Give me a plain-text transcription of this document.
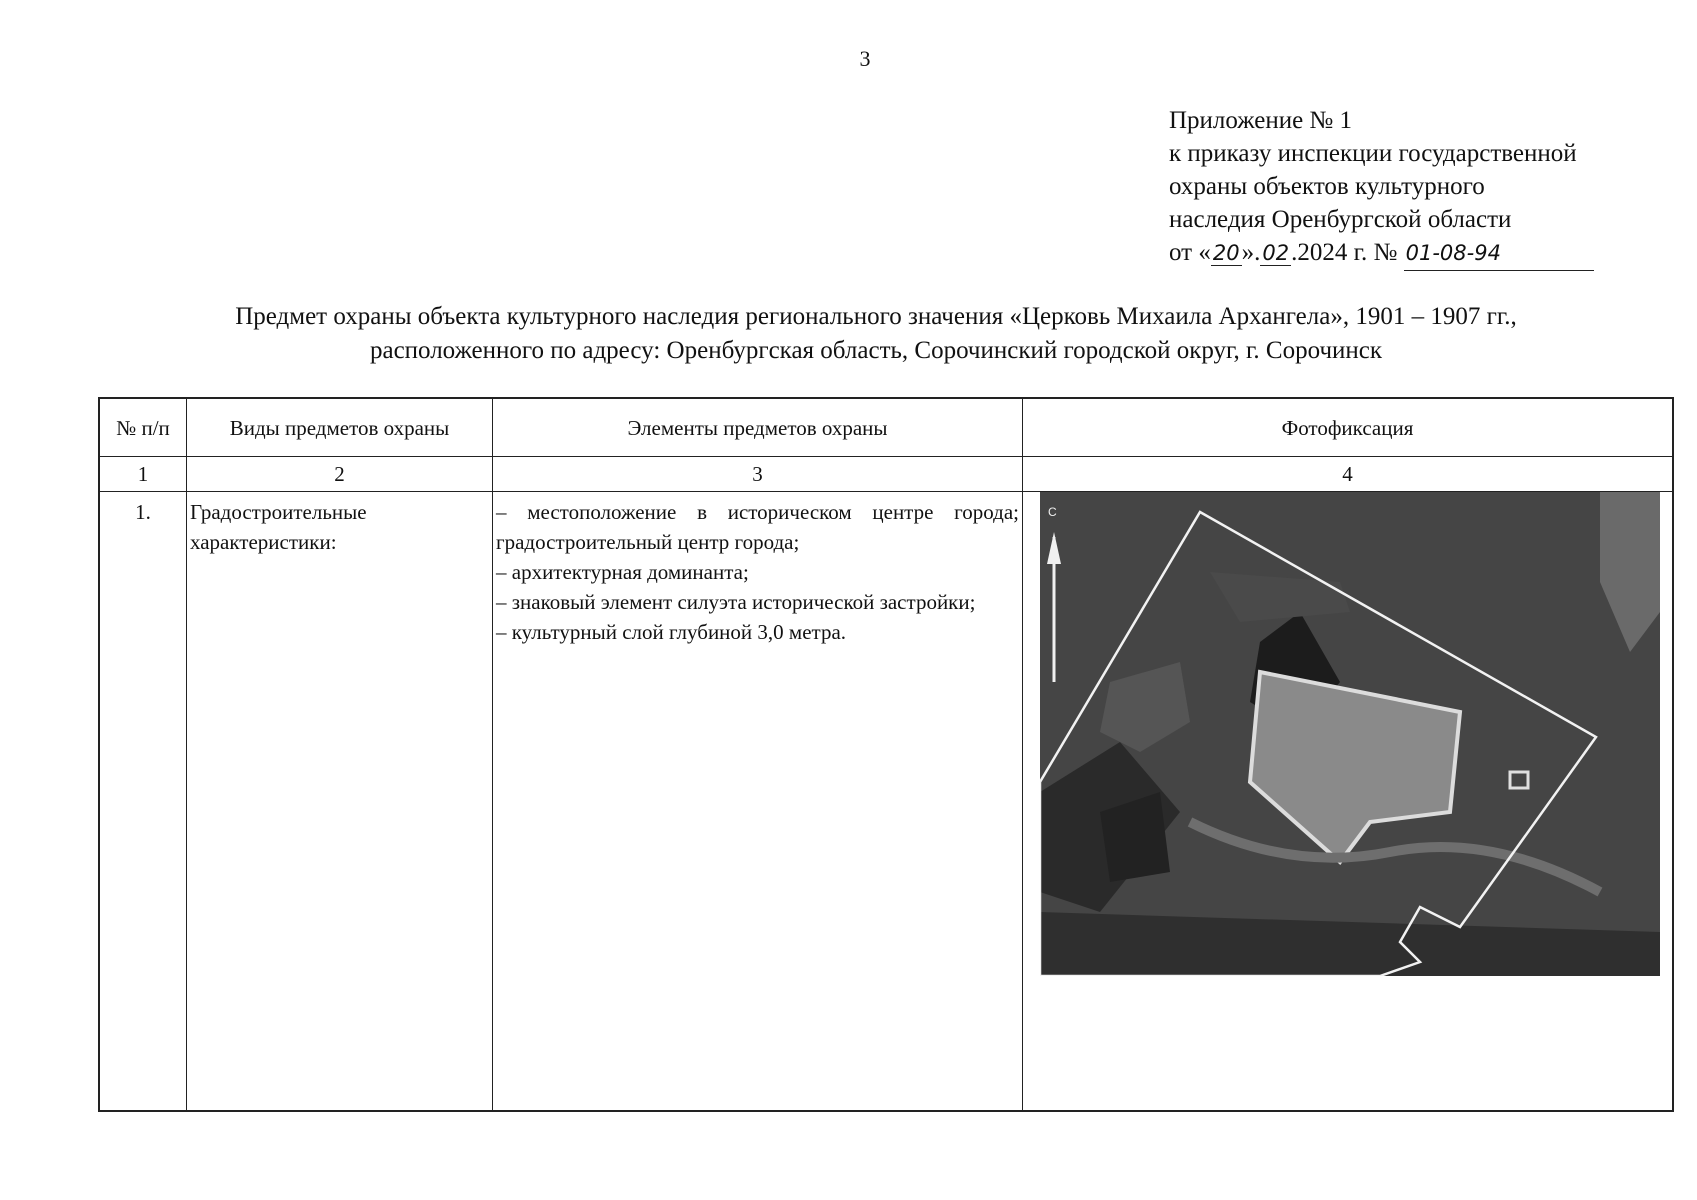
3
Приложение № 1
к приказу инспекции государственной
охраны объектов культурного
наследия Оренбургской области
от «20».02.2024 г. № 01-08-94
Предмет охраны объекта культурного наследия регионального значения «Церковь Михаила Архангела», 1901 – 1907 гг.,
расположенного по адресу: Оренбургская область, Сорочинский городской округ, г. Сорочинск
№ п/п	Виды предметов охраны	Элементы предметов охраны	Фотофиксация
1	2	3	4
1.	Градостроительные характеристики:	– местоположение в историческом центре города; градостроительный центр города;
– архитектурная доминанта;
– знаковый элемент силуэта исторической застройки;
– культурный слой глубиной 3,0 метра.	

С
